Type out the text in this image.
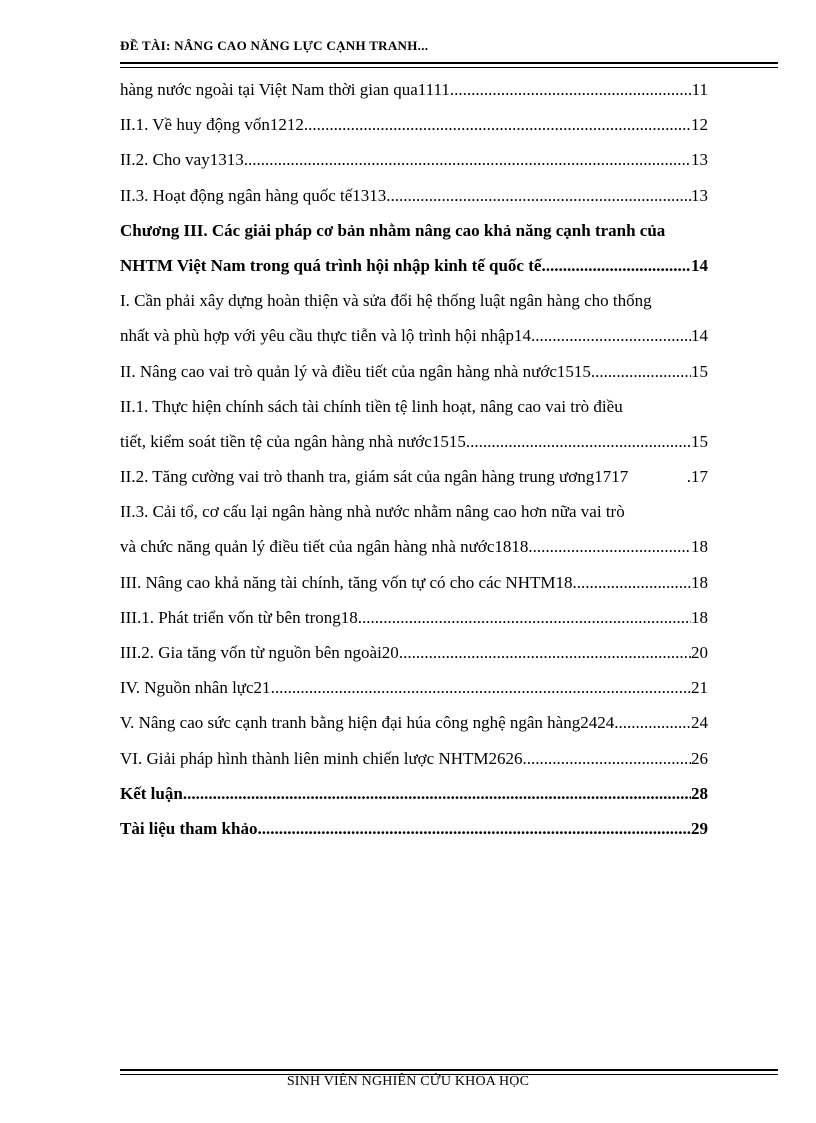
ĐỀ TÀI: NÂNG CAO NĂNG LỰC CẠNH TRANH...
hàng nước ngoài tại Việt Nam thời gian qua1111 .....	11
II.1. Về huy động vốn1212 .....	12
II.2. Cho vay1313 .....	13
II.3. Hoạt động ngân hàng quốc tế1313 .....	13
Chương III. Các giải pháp cơ bản nhằm nâng cao khả năng cạnh tranh của
NHTM Việt Nam trong quá trình hội nhập kinh tế quốc tế .....	14
I. Cần phải xây dựng hoàn thiện và sửa đổi hệ thống luật ngân hàng cho thống
nhất và phù hợp với yêu cầu thực tiễn và lộ trình hội nhập14 .....	14
II. Nâng cao vai trò quản lý và điều tiết của ngân hàng nhà nước1515 .....	15
II.1. Thực hiện chính sách tài chính tiền tệ linh hoạt, nâng cao vai trò điều
tiết, kiểm soát tiền tệ của ngân hàng nhà nước1515 .....	15
II.2. Tăng cường vai trò thanh tra, giám sát của ngân hàng trung ương1717	.17
II.3. Cải tổ, cơ cấu lại ngân hàng nhà nước nhằm nâng cao hơn nữa vai trò
và chức năng quản lý điều tiết của ngân hàng nhà nước1818 .....	18
III. Nâng cao khả năng tài chính, tăng vốn tự có cho các NHTM18 .....	18
III.1. Phát triển vốn từ bên trong18 .....	18
III.2. Gia tăng vốn từ nguồn bên ngoài20 .....	20
IV. Nguồn nhân lực21 .....	21
V. Nâng cao sức cạnh tranh bằng hiện đại húa công nghệ ngân hàng2424 .....	24
VI. Giải pháp hình thành liên minh chiến lược NHTM2626 .....	26
Kết luận .....	28
Tài liệu tham khảo .....	29
SINH VIÊN NGHIÊN CỨU KHOA HỌC
